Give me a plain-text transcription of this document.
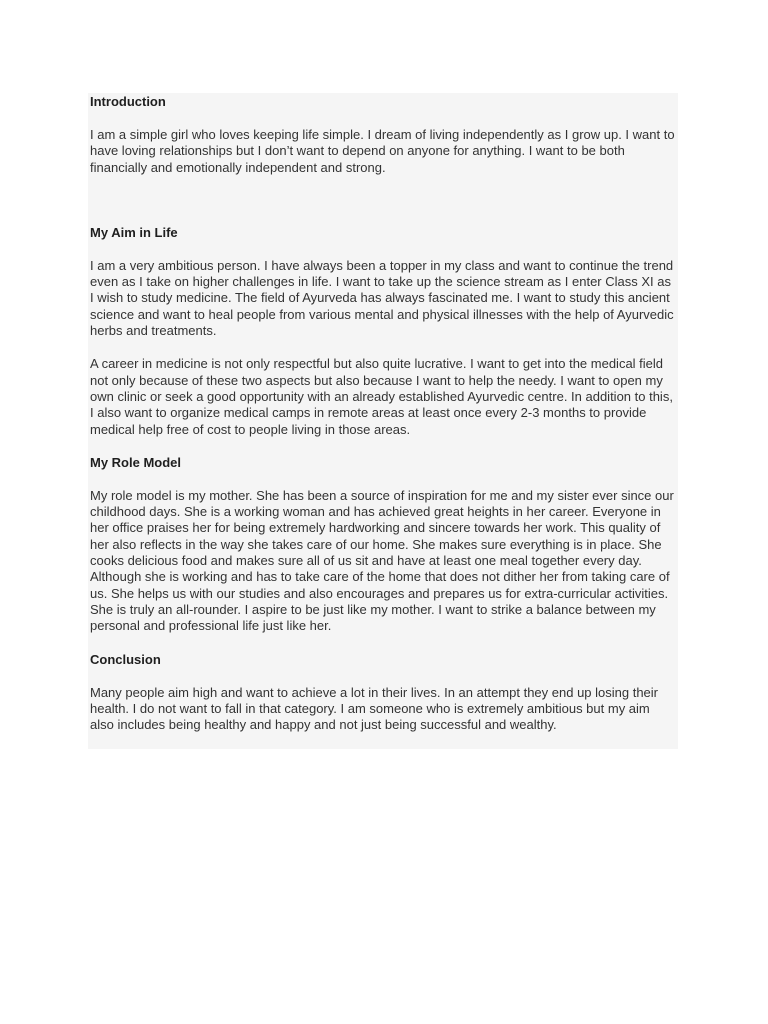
Introduction

I am a simple girl who loves keeping life simple. I dream of living independently as I grow up. I want to have loving relationships but I don’t want to depend on anyone for anything. I want to be both financially and emotionally independent and strong.

My Aim in Life

I am a very ambitious person. I have always been a topper in my class and want to continue the trend even as I take on higher challenges in life. I want to take up the science stream as I enter Class XI as I wish to study medicine. The field of Ayurveda has always fascinated me. I want to study this ancient science and want to heal people from various mental and physical illnesses with the help of Ayurvedic herbs and treatments.

A career in medicine is not only respectful but also quite lucrative. I want to get into the medical field not only because of these two aspects but also because I want to help the needy. I want to open my own clinic or seek a good opportunity with an already established Ayurvedic centre. In addition to this, I also want to organize medical camps in remote areas at least once every 2-3 months to provide medical help free of cost to people living in those areas.

My Role Model

My role model is my mother. She has been a source of inspiration for me and my sister ever since our childhood days. She is a working woman and has achieved great heights in her career. Everyone in her office praises her for being extremely hardworking and sincere towards her work. This quality of her also reflects in the way she takes care of our home. She makes sure everything is in place. She cooks delicious food and makes sure all of us sit and have at least one meal together every day. Although she is working and has to take care of the home that does not dither her from taking care of us. She helps us with our studies and also encourages and prepares us for extra-curricular activities. She is truly an all-rounder. I aspire to be just like my mother. I want to strike a balance between my personal and professional life just like her.

Conclusion

Many people aim high and want to achieve a lot in their lives. In an attempt they end up losing their health. I do not want to fall in that category. I am someone who is extremely ambitious but my aim also includes being healthy and happy and not just being successful and wealthy.
